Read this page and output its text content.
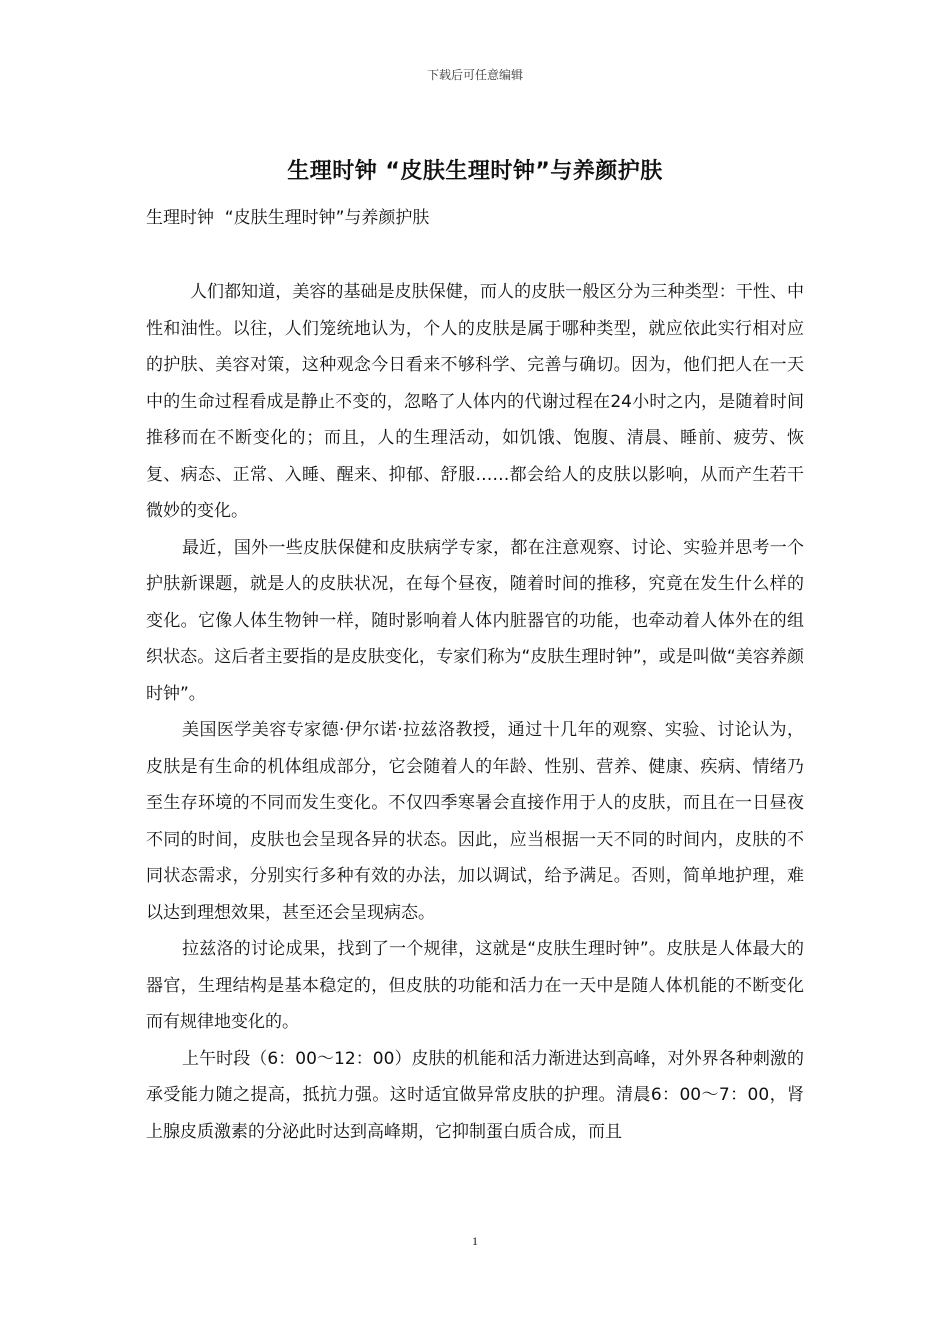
下载后可任意编辑
生理时钟 “皮肤生理时钟”与养颜护肤
生理时钟  “皮肤生理时钟”与养颜护肤

人们都知道，美容的基础是皮肤保健，而人的皮肤一般区分为三种类型：干性、中性和油性。以往，人们笼统地认为，个人的皮肤是属于哪种类型，就应依此实行相对应的护肤、美容对策，这种观念今日看来不够科学、完善与确切。因为，他们把人在一天中的生命过程看成是静止不变的，忽略了人体内的代谢过程在24小时之内，是随着时间推移而在不断变化的；而且，人的生理活动，如饥饿、饱腹、清晨、睡前、疲劳、恢复、病态、正常、入睡、醒来、抑郁、舒服……都会给人的皮肤以影响，从而产生若干微妙的变化。

最近，国外一些皮肤保健和皮肤病学专家，都在注意观察、讨论、实验并思考一个护肤新课题，就是人的皮肤状况，在每个昼夜，随着时间的推移，究竟在发生什么样的变化。它像人体生物钟一样，随时影响着人体内脏器官的功能，也牵动着人体外在的组织状态。这后者主要指的是皮肤变化，专家们称为“皮肤生理时钟”，或是叫做“美容养颜时钟”。

美国医学美容专家德·伊尔诺·拉兹洛教授，通过十几年的观察、实验、讨论认为，皮肤是有生命的机体组成部分，它会随着人的年龄、性别、营养、健康、疾病、情绪乃至生存环境的不同而发生变化。不仅四季寒暑会直接作用于人的皮肤，而且在一日昼夜不同的时间，皮肤也会呈现各异的状态。因此，应当根据一天不同的时间内，皮肤的不同状态需求，分别实行多种有效的办法，加以调试，给予满足。否则，简单地护理，难以达到理想效果，甚至还会呈现病态。

拉兹洛的讨论成果，找到了一个规律，这就是“皮肤生理时钟”。皮肤是人体最大的器官，生理结构是基本稳定的，但皮肤的功能和活力在一天中是随人体机能的不断变化而有规律地变化的。

上午时段（6：00～12：00）皮肤的机能和活力渐进达到高峰，对外界各种刺激的承受能力随之提高，抵抗力强。这时适宜做异常皮肤的护理。清晨6：00～7：00，肾上腺皮质激素的分泌此时达到高峰期，它抑制蛋白质合成，而且

1
